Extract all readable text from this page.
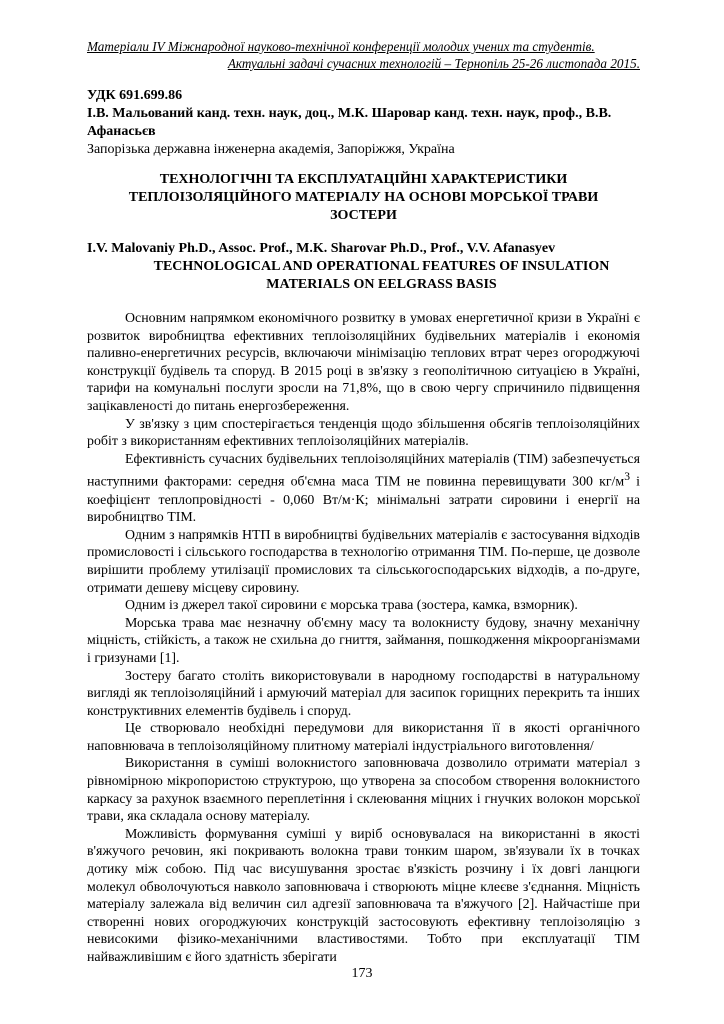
Матеріали IV Міжнародної науково-технічної конференції молодих учених та студентів.
Актуальні задачі сучасних технологій – Тернопіль 25-26 листопада 2015.
УДК 691.699.86
І.В. Мальований канд. техн. наук, доц., М.К. Шаровар канд. техн. наук, проф., В.В. Афанасьєв
Запорізька державна інженерна академія, Запоріжжя, Україна
ТЕХНОЛОГІЧНІ ТА ЕКСПЛУАТАЦІЙНІ ХАРАКТЕРИСТИКИ ТЕПЛОІЗОЛЯЦІЙНОГО МАТЕРІАЛУ НА ОСНОВІ МОРСЬКОЇ ТРАВИ ЗОСТЕРИ
I.V. Malovaniy Ph.D., Assoc. Prof., M.K. Sharovar Ph.D., Prof., V.V. Afanasyev
TECHNOLOGICAL AND OPERATIONAL FEATURES OF INSULATION MATERIALS ON EELGRASS BASIS

Основним напрямком економічного розвитку в умовах енергетичної кризи в Україні є розвиток виробництва ефективних теплоізоляційних будівельних матеріалів і економія паливно-енергетичних ресурсів, включаючи мінімізацію теплових втрат через огороджуючі конструкції будівель та споруд. В 2015 році в зв'язку з геополітичною ситуацією в Україні, тарифи на комунальні послуги зросли на 71,8%, що в свою чергу спричинило підвищення зацікавленості до питань енергозбереження.

У зв'язку з цим спостерігається тенденція щодо збільшення обсягів теплоізоляційних робіт з використанням ефективних теплоізоляційних матеріалів.

Ефективність сучасних будівельних теплоізоляційних матеріалів (ТІМ) забезпечується наступними факторами: середня об'ємна маса ТІМ не повинна перевищувати 300 $кг/м^3$ і коефіцієнт теплопровідності - 0,060 Вт/м·К; мінімальні затрати сировини і енергії на виробництво ТІМ.

Одним з напрямків НТП в виробництві будівельних матеріалів є застосування відходів промисловості і сільського господарства в технологію отримання ТІМ. По-перше, це дозволе вирішити проблему утилізації промислових та сільськогосподарських відходів, а по-друге, отримати дешеву місцеву сировину.

Одним із джерел такої сировини є морська трава (зостера, камка, взморник).

Морська трава має незначну об'ємну масу та волокнисту будову, значну механічну міцність, стійкість, а також не схильна до гниття, займання, пошкодження мікроорганізмами і гризунами [1].

Зостеру багато століть використовували в народному господарстві в натуральному вигляді як теплоізоляційний і армуючий матеріал для засипок горищних перекрить та інших конструктивних елементів будівель і споруд.

Це створювало необхідні передумови для використання її в якості органічного наповнювача в теплоізоляційному плитному матеріалі індустріального виготовлення/

Використання в суміші волокнистого заповнювача дозволило отримати матеріал з рівномірною мікропористою структурою, що утворена за способом створення волокнистого каркасу за рахунок взаємного переплетіння і склеювання міцних і гнучких волокон морської трави, яка складала основу матеріалу.

Можливість формування суміші у виріб основувалася на використанні в якості в'яжучого речовин, які покривають волокна трави тонким шаром, зв'язували їх в точках дотику між собою. Під час висушування зростає в'язкість розчину і їх довгі ланцюги молекул обволочуються навколо заповнювача і створюють міцне клеєве з'єднання. Міцність матеріалу залежала від величин сил адгезії заповнювача та в'яжучого [2]. Найчастіше при створенні нових огороджуючих конструкцій застосовують ефективну теплоізоляцію з невисокими фізико-механічними властивостями. Тобто при експлуатації ТІМ найважливішим є його здатність зберігати

173
